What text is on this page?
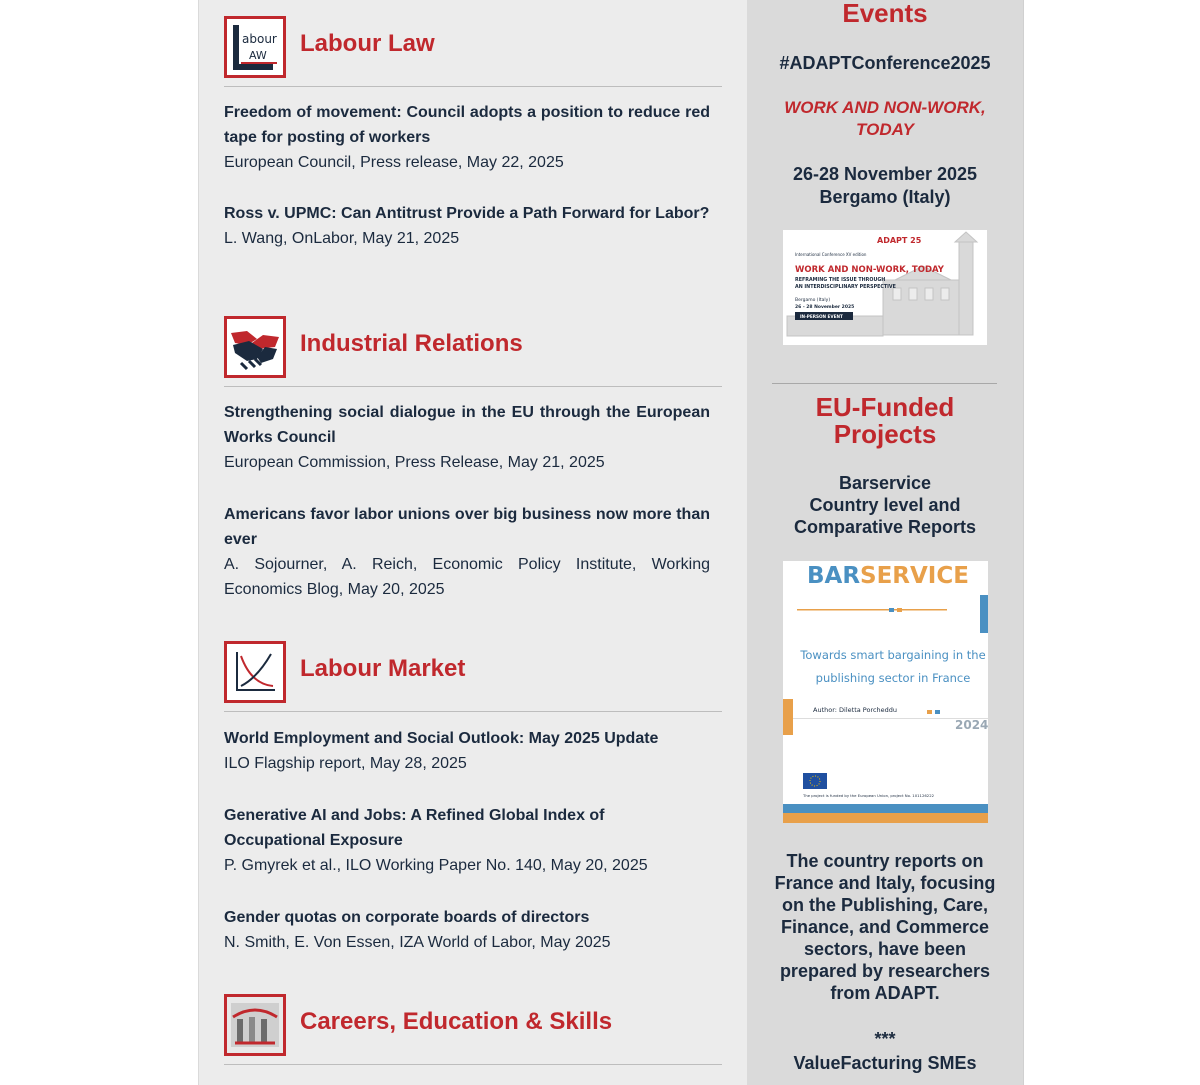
abour
AW Labour Law
Freedom of movement: Council adopts a position to reduce red tape for posting of workers
European Council, Press release, May 22, 2025
Ross v. UPMC: Can Antitrust Provide a Path Forward for Labor?
L. Wang, OnLabor, May 21, 2025
Industrial Relations
Strengthening social dialogue in the EU through the European Works Council
European Commission, Press Release, May 21, 2025
Americans favor labor unions over big business now more than ever
A. Sojourner, A. Reich, Economic Policy Institute, Working Economics Blog, May 20, 2025
Labour Market
World Employment and Social Outlook: May 2025 Update
ILO Flagship report, May 28, 2025
Generative AI and Jobs: A Refined Global Index of Occupational Exposure
P. Gmyrek et al., ILO Working Paper No. 140, May 20, 2025
Gender quotas on corporate boards of directors
N. Smith, E. Von Essen, IZA World of Labor, May 2025
Careers, Education & Skills
Events
#ADAPTConference2025
WORK AND NON-WORK,
TODAY
26-28 November 2025
Bergamo (Italy)
ADAPT 25
International Conference XV edition
WORK AND NON-WORK, TODAY
REFRAMING THE ISSUE THROUGH
AN INTERDISCIPLINARY PERSPECTIVE
Bergamo (Italy)
26 - 28 November 2025
IN-PERSON EVENT
EU-Funded
Projects
Barservice
Country level and
Comparative Reports
BAR SERVICE
Towards smart bargaining in the
publishing sector in France
Author: Diletta Porcheddu
2024
The project is funded by the European Union, project No. 101126222
The country reports on France and Italy, focusing on the Publishing, Care, Finance, and Commerce sectors, have been prepared by researchers from ADAPT.
***
ValueFacturing SMEs
